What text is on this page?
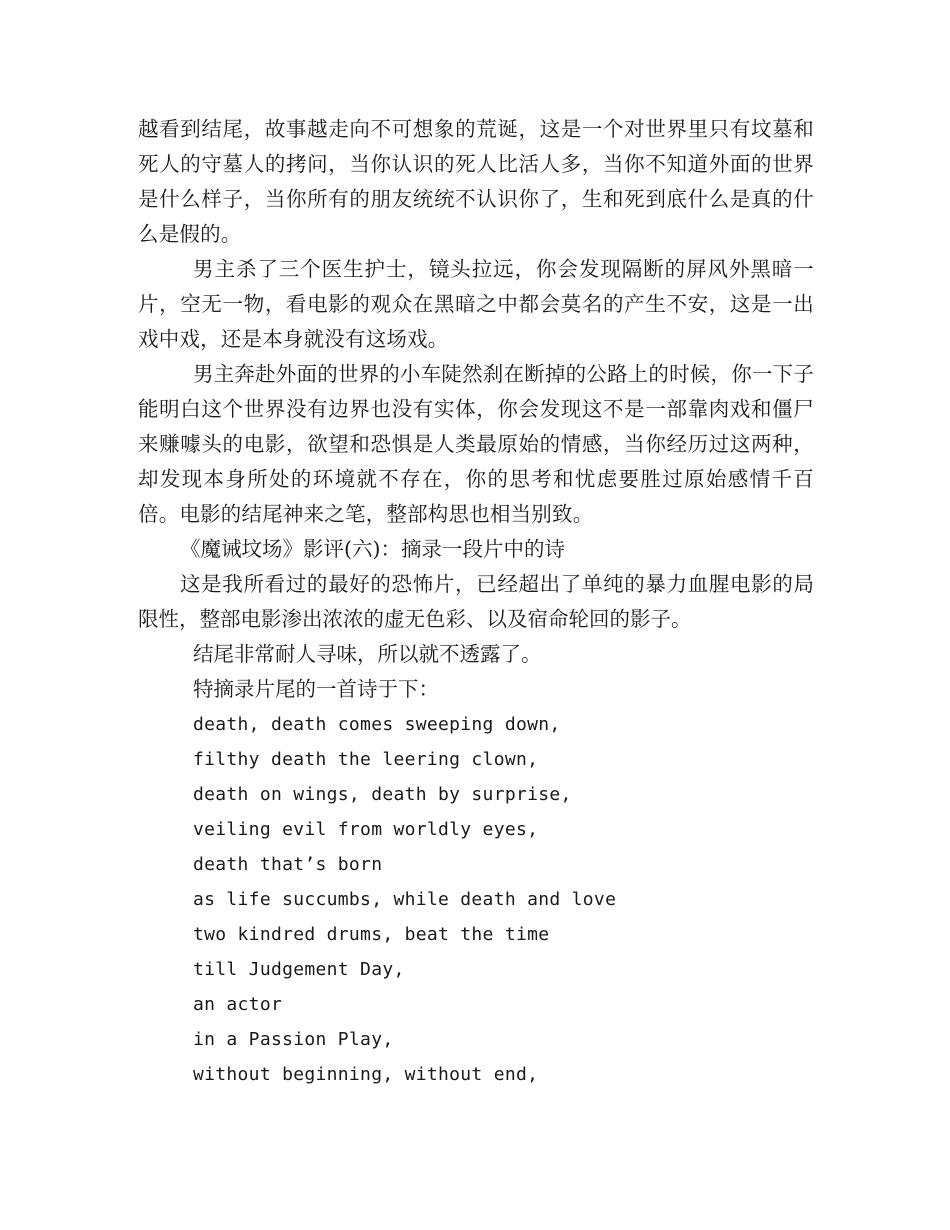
越看到结尾，故事越走向不可想象的荒诞，这是一个对世界里只有坟墓和死人的守墓人的拷问，当你认识的死人比活人多，当你不知道外面的世界是什么样子，当你所有的朋友统统不认识你了，生和死到底什么是真的什么是假的。

男主杀了三个医生护士，镜头拉远，你会发现隔断的屏风外黑暗一片，空无一物，看电影的观众在黑暗之中都会莫名的产生不安，这是一出戏中戏，还是本身就没有这场戏。

男主奔赴外面的世界的小车陡然刹在断掉的公路上的时候，你一下子能明白这个世界没有边界也没有实体，你会发现这不是一部靠肉戏和僵尸来赚噱头的电影，欲望和恐惧是人类最原始的情感，当你经历过这两种，却发现本身所处的环境就不存在，你的思考和忧虑要胜过原始感情千百倍。电影的结尾神来之笔，整部构思也相当别致。

《魔诫坟场》影评(六)：摘录一段片中的诗

这是我所看过的最好的恐怖片，已经超出了单纯的暴力血腥电影的局限性，整部电影渗出浓浓的虚无色彩、以及宿命轮回的影子。

结尾非常耐人寻味，所以就不透露了。

特摘录片尾的一首诗于下：

death, death comes sweeping down,
filthy death the leering clown,
death on wings, death by surprise,
veiling evil from worldly eyes,
death that’s born
as life succumbs, while death and love
two kindred drums, beat the time
till Judgement Day,
an actor
in a Passion Play,
without beginning, without end,
